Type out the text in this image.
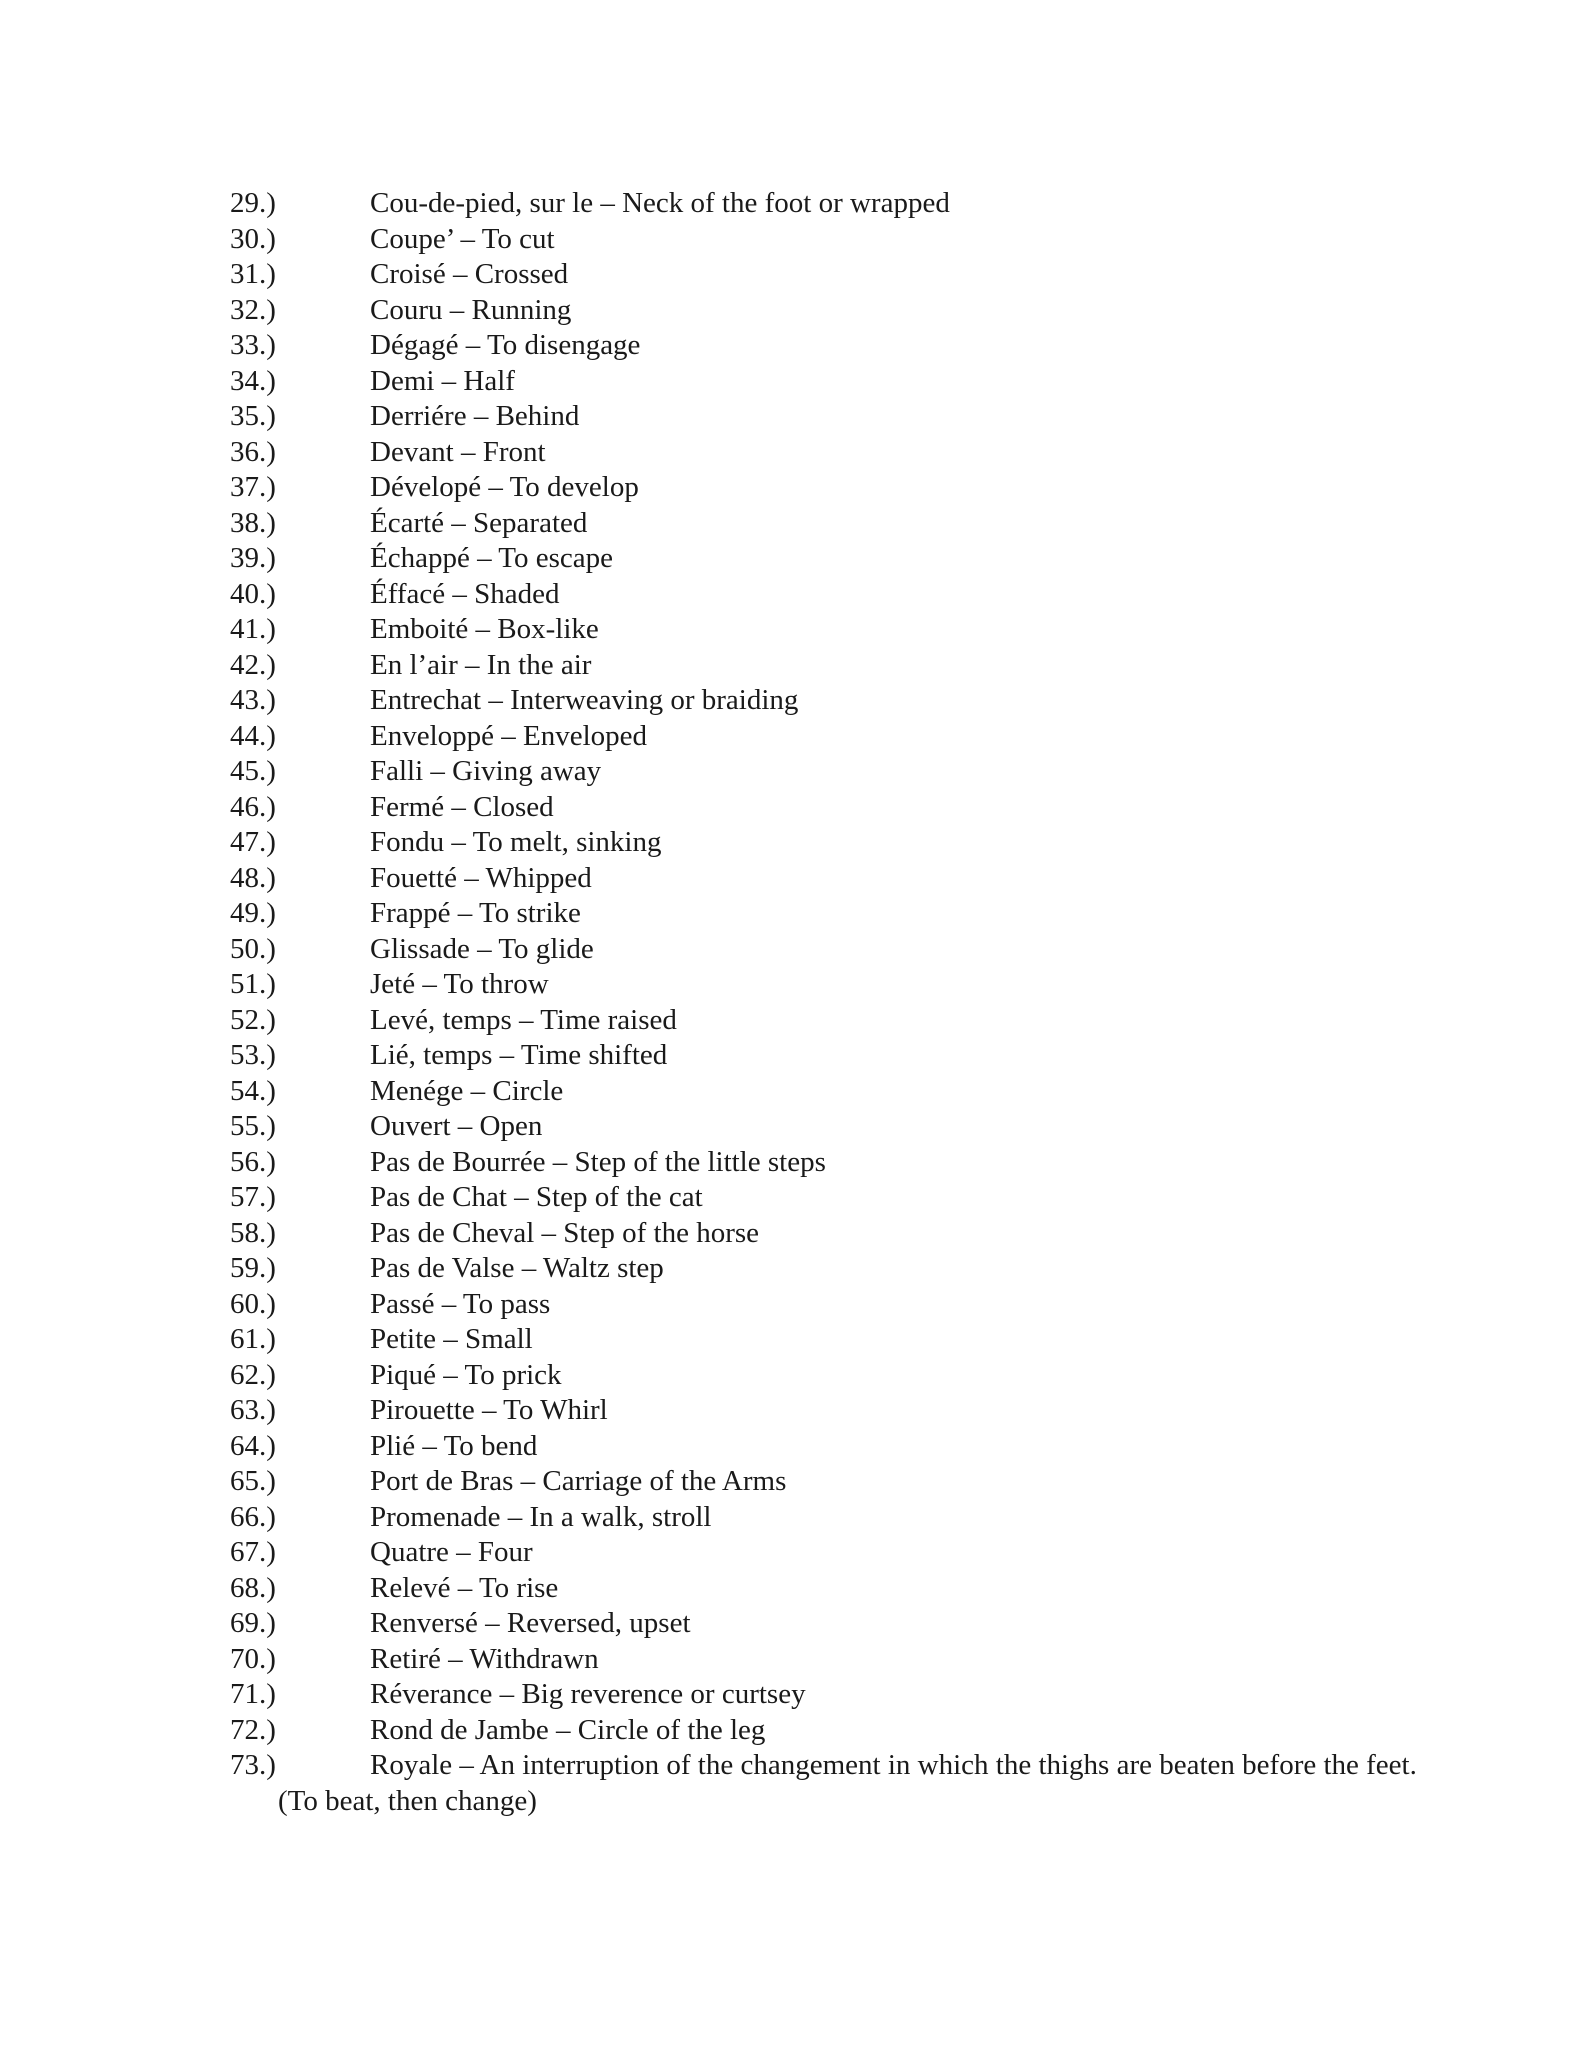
29.)	Cou-de-pied, sur le – Neck of the foot or wrapped
30.)	Coupe’ – To cut
31.)	Croisé – Crossed
32.)	Couru – Running
33.)	Dégagé – To disengage
34.)	Demi – Half
35.)	Derriére – Behind
36.)	Devant – Front
37.)	Dévelopé – To develop
38.)	Écarté – Separated
39.)	Échappé – To escape
40.)	Éffacé – Shaded
41.)	Emboité – Box-like
42.)	En l’air – In the air
43.)	Entrechat – Interweaving or braiding
44.)	Enveloppé – Enveloped
45.)	Falli – Giving away
46.)	Fermé – Closed
47.)	Fondu – To melt, sinking
48.)	Fouetté – Whipped
49.)	Frappé – To strike
50.)	Glissade – To glide
51.)	Jeté – To throw
52.)	Levé, temps – Time raised
53.)	Lié, temps – Time shifted
54.)	Menége – Circle
55.)	Ouvert – Open
56.)	Pas de Bourrée – Step of the little steps
57.)	Pas de Chat – Step of the cat
58.)	Pas de Cheval – Step of the horse
59.)	Pas de Valse – Waltz step
60.)	Passé – To pass
61.)	Petite – Small
62.)	Piqué – To prick
63.)	Pirouette – To Whirl
64.)	Plié – To bend
65.)	Port de Bras – Carriage of the Arms
66.)	Promenade – In a walk, stroll
67.)	Quatre – Four
68.)	Relevé – To rise
69.)	Renversé – Reversed, upset
70.)	Retiré – Withdrawn
71.)	Réverance – Big reverence or curtsey
72.)	Rond de Jambe – Circle of the leg
73.)	Royale – An interruption of the changement in which the thighs are beaten before the feet. (To beat, then change)
